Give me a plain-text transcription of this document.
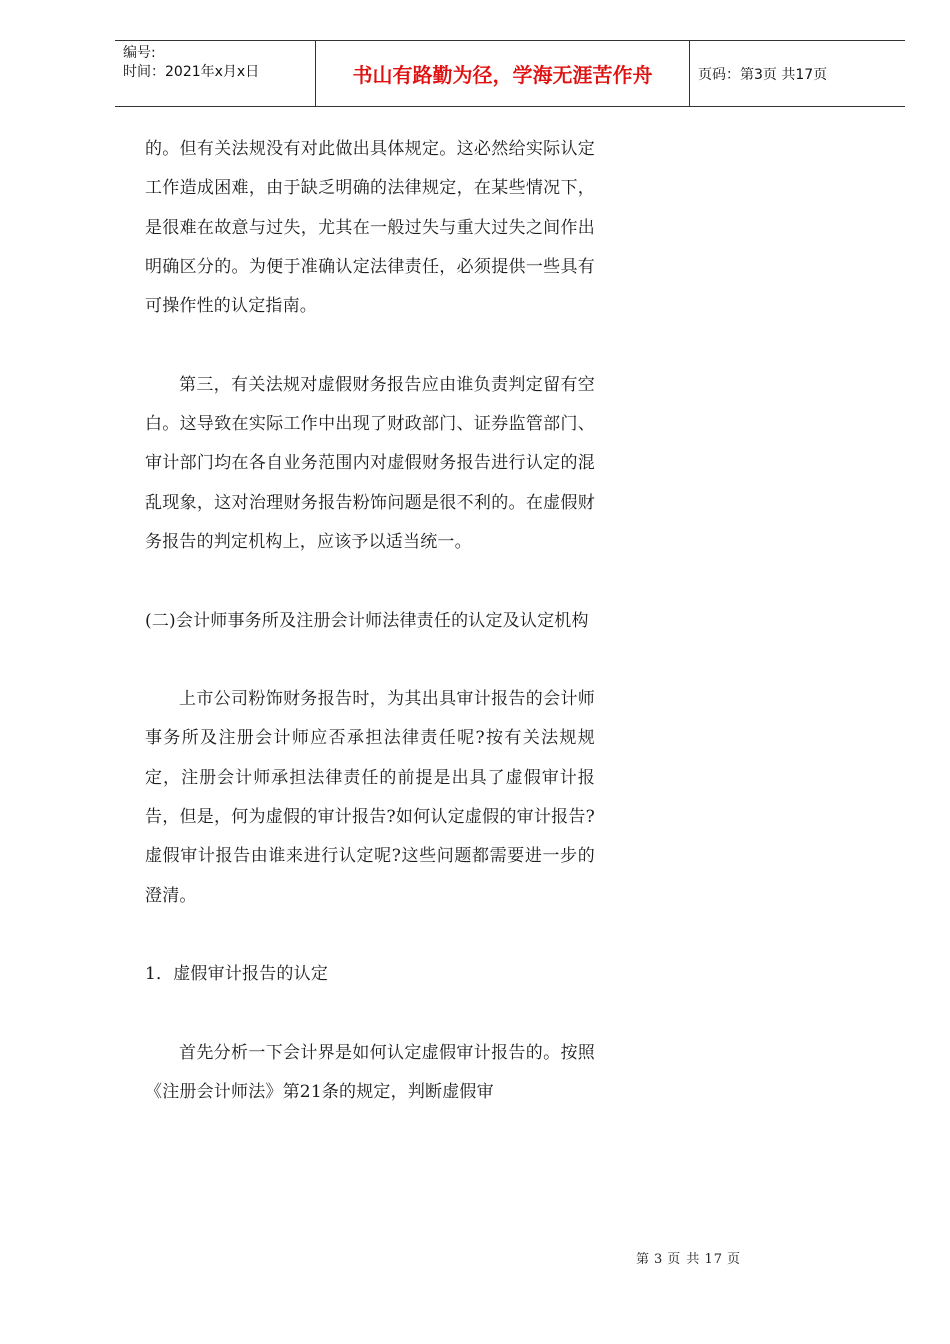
编号:
时间：2021年x月x日	书山有路勤为径，学海无涯苦作舟	页码：第3页 共17页

的。但有关法规没有对此做出具体规定。这必然给实际认定工作造成困难，由于缺乏明确的法律规定，在某些情况下，是很难在故意与过失，尤其在一般过失与重大过失之间作出明确区分的。为便于准确认定法律责任，必须提供一些具有可操作性的认定指南。

第三，有关法规对虚假财务报告应由谁负责判定留有空白。这导致在实际工作中出现了财政部门、证券监管部门、审计部门均在各自业务范围内对虚假财务报告进行认定的混乱现象，这对治理财务报告粉饰问题是很不利的。在虚假财务报告的判定机构上，应该予以适当统一。

(二)会计师事务所及注册会计师法律责任的认定及认定机构

上市公司粉饰财务报告时，为其出具审计报告的会计师事务所及注册会计师应否承担法律责任呢?按有关法规规定，注册会计师承担法律责任的前提是出具了虚假审计报告，但是，何为虚假的审计报告?如何认定虚假的审计报告?虚假审计报告由谁来进行认定呢?这些问题都需要进一步的澄清。

1．虚假审计报告的认定

首先分析一下会计界是如何认定虚假审计报告的。按照《注册会计师法》第21条的规定，判断虚假审

第 3 页 共 17 页
